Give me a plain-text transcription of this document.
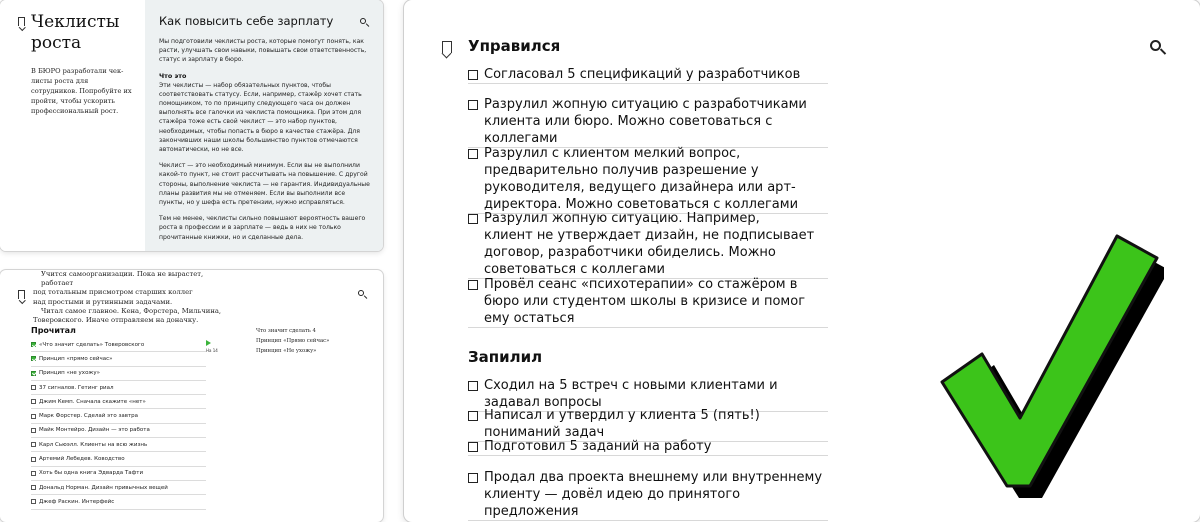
Чеклисты роста
В БЮРО разработали чек-листы роста для сотрудников. Попробуйте их пройти, чтобы ускорить профессиональный рост.
Как повысить себе зарплату

Мы подготовили чеклисты роста, которые помогут понять, как расти, улучшать свои навыки, повышать свои ответственность, статус и зарплату в бюро.

Что это

Эти чеклисты — набор обязательных пунктов, чтобы соответствовать статусу. Если, например, стажёр хочет стать помощником, то по принципу следующего часа он должен выполнять все галочки из чеклиста помощника. При этом для стажёра тоже есть свой чеклист — это набор пунктов, необходимых, чтобы попасть в бюро в качестве стажёра. Для закончивших наши школы большинство пунктов отмечаются автоматически, но не все.

Чеклист — это необходимый минимум. Если вы не выполнили какой-то пункт, не стоит рассчитывать на повышение. С другой стороны, выполнение чеклиста — не гарантия. Индивидуальные планы развития мы не отменяем. Если вы выполнили все пункты, но у шефа есть претензии, нужно исправляться.

Тем не менее, чеклисты сильно повышают вероятность вашего роста в профессии и в зарплате — ведь в них не только прочитанные книжки, но и сделанные дела.

Учится самоорганизации. Пока не вырастет, работает
под тотальным присмотром старших коллег
над простыми и рутинными задачами.
Читал самое главное. Кена, Форстера, Мильчина,
Товеровского. Иначе отправляем на доначку.
Прочитал
«Что значит сделать» Товеровского
Принцип «прямо сейчас»
Принцип «не ухожу»
37 сигналов. Гетинг риал
Джим Кемп. Сначала скажите «нет»
Марк Форстер. Сделай это завтра
Майк Монтейро. Дизайн — это работа
Карл Сьюэлл. Клиенты на всю жизнь
Артемий Лебедев. Ководство
Хоть бы одна книга Эдварда Тафти
Дональд Норман. Дизайн привычных вещей
Джеф Раскин. Интерфейс
На 14
Что значит сделать 4
Принцип «Прямо сейчас»
Принцип «Не ухожу»
Управился
Согласовал 5 спецификаций у разработчиков
Разрулил жопную ситуацию с разработчиками
клиента или бюро. Можно советоваться с коллегами
Разрулил с клиентом мелкий вопрос,
предварительно получив разрешение у
руководителя, ведущего дизайнера или арт-директора. Можно советоваться с коллегами
Разрулил жопную ситуацию. Например,
клиент не утверждает дизайн, не подписывает
договор, разработчики обиделись. Можно советоваться с коллегами
Провёл сеанс «психотерапии» со стажёром в
бюро или студентом школы в кризисе и помог ему остаться
Запилил
Сходил на 5 встреч с новыми клиентами и задавал вопросы
Написал и утвердил у клиента 5 (пять!) пониманий задач
Подготовил 5 заданий на работу
Продал два проекта внешнему или внутреннему
клиенту — довёл идею до принятого предложения
